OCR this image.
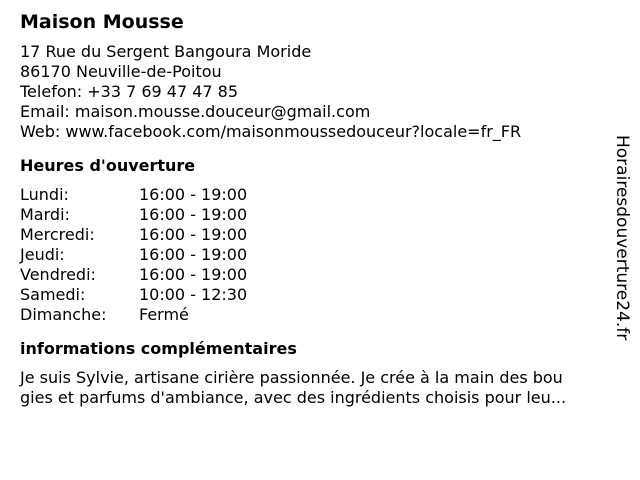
Maison Mousse
17 Rue du Sergent Bangoura Moride
86170 Neuville-de-Poitou
Telefon: +33 7 69 47 47 85
Email: maison.mousse.douceur@gmail.com
Web: www.facebook.com/maisonmoussedouceur?locale=fr_FR
Heures d'ouverture
Lundi:	16:00 - 19:00
Mardi:	16:00 - 19:00
Mercredi:	16:00 - 19:00
Jeudi:	16:00 - 19:00
Vendredi:	16:00 - 19:00
Samedi:	10:00 - 12:30
Dimanche:	Fermé
informations complémentaires
Je suis Sylvie, artisane cirière passionnée. Je crée à la main des bou
gies et parfums d'ambiance, avec des ingrédients choisis pour leu...
Horairesdouverture24.fr
